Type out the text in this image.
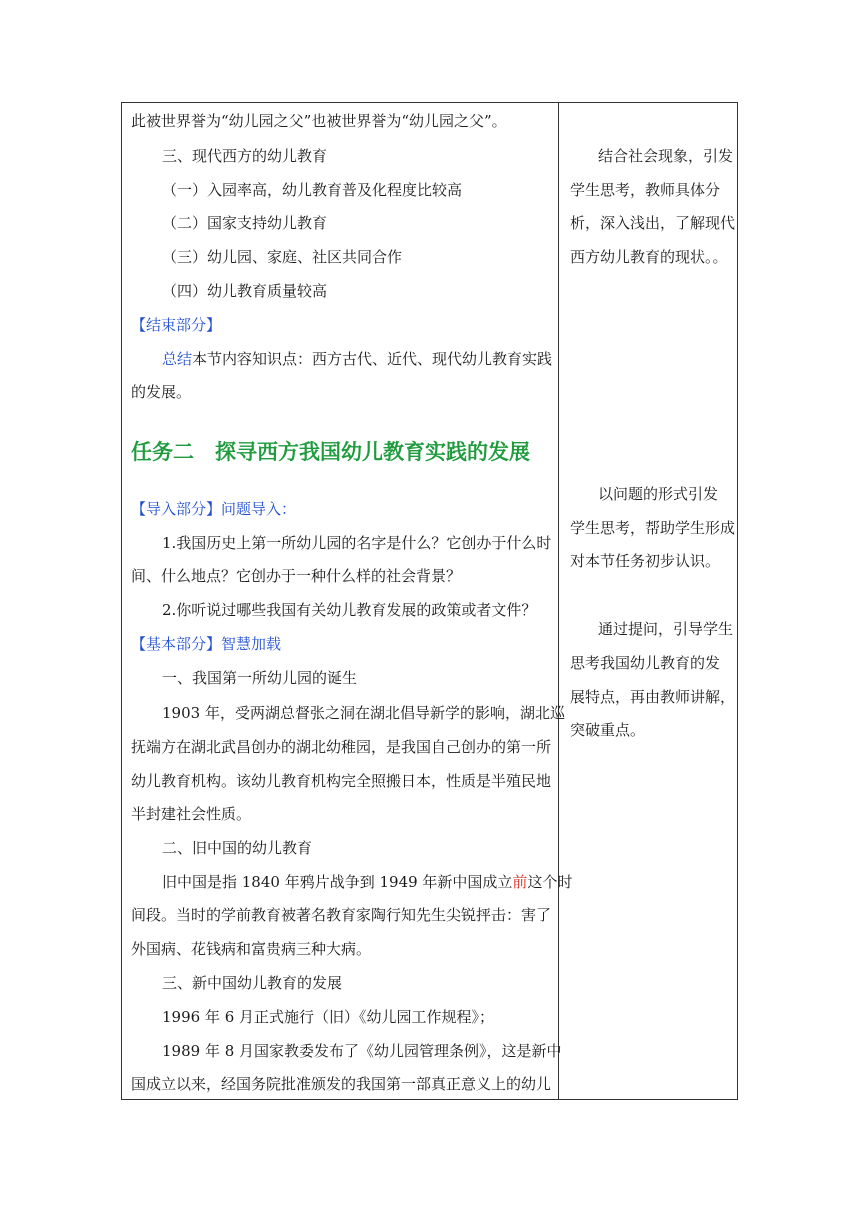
此被世界誉为“幼儿园之父”也被世界誉为“幼儿园之父”。
三、现代西方的幼儿教育
（一）入园率高，幼儿教育普及化程度比较高
（二）国家支持幼儿教育
（三）幼儿园、家庭、社区共同合作
（四）幼儿教育质量较高
【结束部分】
总结本节内容知识点：西方古代、近代、现代幼儿教育实践
的发展。
任务二　探寻西方我国幼儿教育实践的发展
【导入部分】问题导入：
1.我国历史上第一所幼儿园的名字是什么？它创办于什么时
间、什么地点？它创办于一种什么样的社会背景？
2.你听说过哪些我国有关幼儿教育发展的政策或者文件？
【基本部分】智慧加载
一、我国第一所幼儿园的诞生
1903 年，受两湖总督张之洞在湖北倡导新学的影响，湖北巡
抚端方在湖北武昌创办的湖北幼稚园，是我国自己创办的第一所
幼儿教育机构。该幼儿教育机构完全照搬日本，性质是半殖民地
半封建社会性质。
二、旧中国的幼儿教育
旧中国是指 1840 年鸦片战争到 1949 年新中国成立前这个时
间段。当时的学前教育被著名教育家陶行知先生尖锐抨击：害了
外国病、花钱病和富贵病三种大病。
三、新中国幼儿教育的发展
1996 年 6 月正式施行（旧）《幼儿园工作规程》；
1989 年 8 月国家教委发布了《幼儿园管理条例》，这是新中
国成立以来，经国务院批准颁发的我国第一部真正意义上的幼儿
结合社会现象，引发
学生思考，教师具体分
析，深入浅出，了解现代
西方幼儿教育的现状。。
以问题的形式引发
学生思考，帮助学生形成
对本节任务初步认识。
通过提问，引导学生
思考我国幼儿教育的发
展特点，再由教师讲解，
突破重点。
